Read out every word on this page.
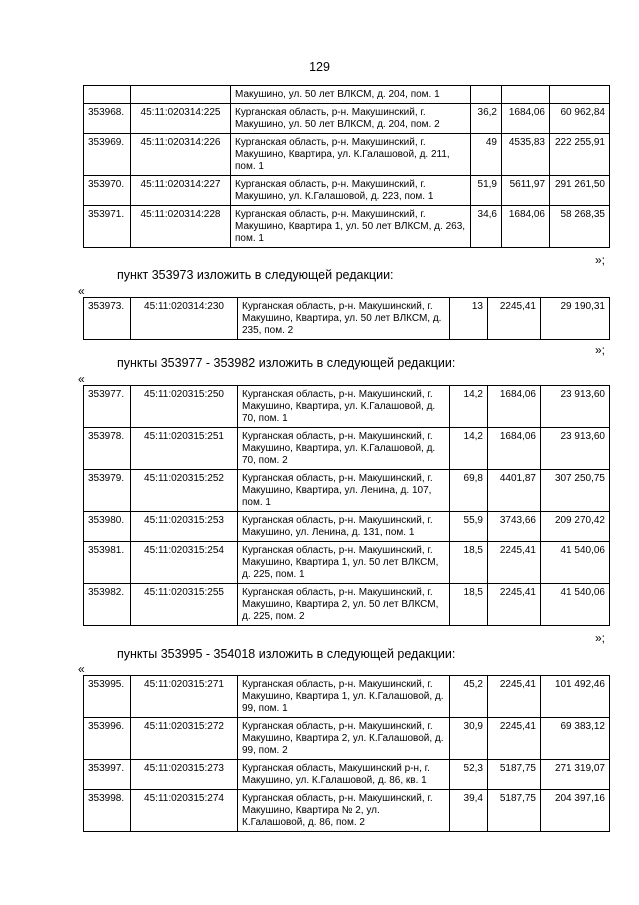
129
		Макушино, ул. 50 лет ВЛКСМ, д. 204, пом. 1			
353968.	45:11:020314:225	Курганская область, р-н. Макушинский, г. Макушино, ул. 50 лет ВЛКСМ, д. 204, пом. 2	36,2	1684,06	60 962,84
353969.	45:11:020314:226	Курганская область, р-н. Макушинский, г. Макушино, Квартира, ул. К.Галашовой, д. 211, пом. 1	49	4535,83	222 255,91
353970.	45:11:020314:227	Курганская область, р-н. Макушинский, г. Макушино, ул. К.Галашовой, д. 223, пом. 1	51,9	5611,97	291 261,50
353971.	45:11:020314:228	Курганская область, р-н. Макушинский, г. Макушино, Квартира 1, ул. 50 лет ВЛКСМ, д. 263, пом. 1	34,6	1684,06	58 268,35
»;
пункт 353973 изложить в следующей редакции:
«
353973.	45:11:020314:230	Курганская область, р-н. Макушинский, г. Макушино, Квартира, ул. 50 лет ВЛКСМ, д. 235, пом. 2	13	2245,41	29 190,31
»;
пункты 353977 - 353982 изложить в следующей редакции:
«
353977.	45:11:020315:250	Курганская область, р-н. Макушинский, г. Макушино, Квартира, ул. К.Галашовой, д. 70, пом. 1	14,2	1684,06	23 913,60
353978.	45:11:020315:251	Курганская область, р-н. Макушинский, г. Макушино, Квартира, ул. К.Галашовой, д. 70, пом. 2	14,2	1684,06	23 913,60
353979.	45:11:020315:252	Курганская область, р-н. Макушинский, г. Макушино, Квартира, ул. Ленина, д. 107, пом. 1	69,8	4401,87	307 250,75
353980.	45:11:020315:253	Курганская область, р-н. Макушинский, г. Макушино, ул. Ленина, д. 131, пом. 1	55,9	3743,66	209 270,42
353981.	45:11:020315:254	Курганская область, р-н. Макушинский, г. Макушино, Квартира 1, ул. 50 лет ВЛКСМ, д. 225, пом. 1	18,5	2245,41	41 540,06
353982.	45:11:020315:255	Курганская область, р-н. Макушинский, г. Макушино, Квартира 2, ул. 50 лет ВЛКСМ, д. 225, пом. 2	18,5	2245,41	41 540,06
»;
пункты 353995 - 354018 изложить в следующей редакции:
«
353995.	45:11:020315:271	Курганская область, р-н. Макушинский, г. Макушино, Квартира 1, ул. К.Галашовой, д. 99, пом. 1	45,2	2245,41	101 492,46
353996.	45:11:020315:272	Курганская область, р-н. Макушинский, г. Макушино, Квартира 2, ул. К.Галашовой, д. 99, пом. 2	30,9	2245,41	69 383,12
353997.	45:11:020315:273	Курганская область, Макушинский р-н, г. Макушино, ул. К.Галашовой, д. 86, кв. 1	52,3	5187,75	271 319,07
353998.	45:11:020315:274	Курганская область, р-н. Макушинский, г. Макушино, Квартира № 2, ул. К.Галашовой, д. 86, пом. 2	39,4	5187,75	204 397,16
